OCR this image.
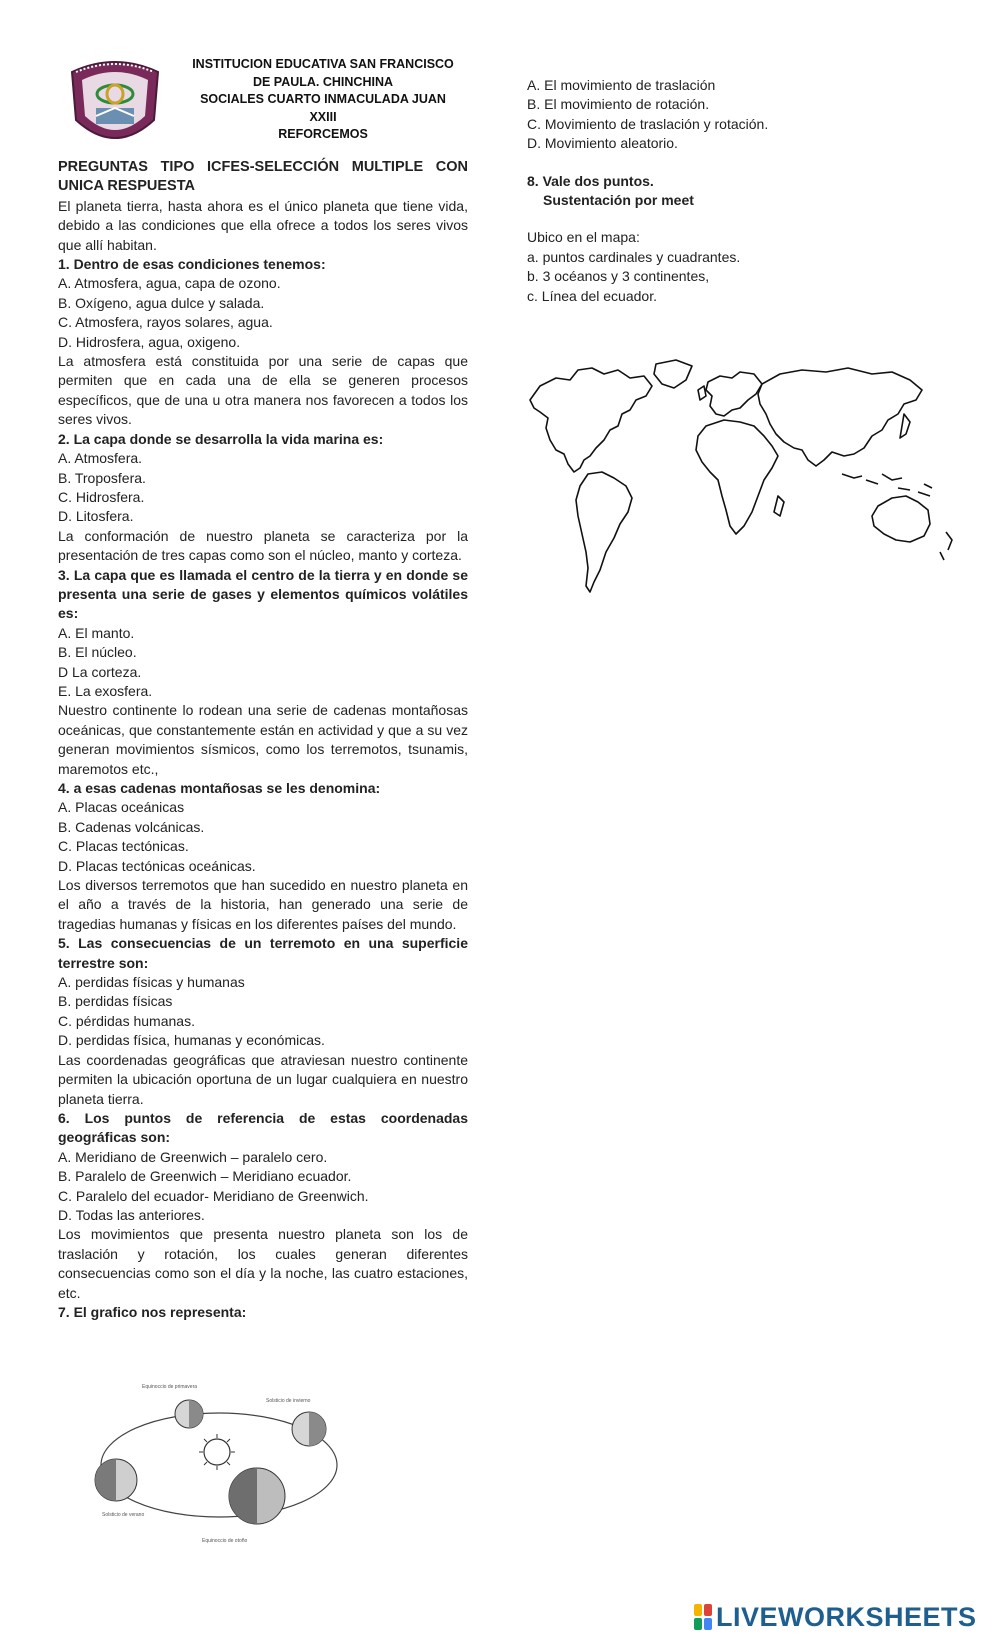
INSTITUCION EDUCATIVA SAN FRANCISCO
DE PAULA. CHINCHINA
SOCIALES CUARTO INMACULADA JUAN
XXIII
REFORCEMOS

PREGUNTAS TIPO ICFES-SELECCIÓN MULTIPLE CON UNICA RESPUESTA

El planeta tierra, hasta ahora es el único planeta que tiene vida, debido a las condiciones que ella ofrece a todos los seres vivos que allí habitan.

1. Dentro de esas condiciones tenemos:

A. Atmosfera, agua, capa de ozono.

B. Oxígeno, agua dulce y salada.

C. Atmosfera, rayos solares, agua.

D. Hidrosfera, agua, oxigeno.

La atmosfera está constituida por una serie de capas que permiten que en cada una de ella se generen procesos específicos, que de una u otra manera nos favorecen a todos los seres vivos.

2. La capa donde se desarrolla la vida marina es:

A. Atmosfera.

B. Troposfera.

C. Hidrosfera.

D. Litosfera.

La conformación de nuestro planeta se caracteriza por la presentación de tres capas como son el núcleo, manto y corteza.

3. La capa que es llamada el centro de la tierra y en donde se presenta una serie de gases y elementos químicos volátiles es:

A. El manto.

B. El núcleo.

D La corteza.

E. La exosfera.

Nuestro continente lo rodean una serie de cadenas montañosas oceánicas, que constantemente están en actividad y que a su vez generan movimientos sísmicos, como los terremotos, tsunamis, maremotos etc.,

4. a esas cadenas montañosas se les denomina:

A. Placas oceánicas

B. Cadenas volcánicas.

C. Placas tectónicas.

D. Placas tectónicas oceánicas.

Los diversos terremotos que han sucedido en nuestro planeta en el año a través de la historia, han generado una serie de tragedias humanas y físicas en los diferentes países del mundo.

5. Las consecuencias de un terremoto en una superficie terrestre son:

A. perdidas físicas y humanas

B. perdidas físicas

C. pérdidas humanas.

D. perdidas física, humanas y económicas.

Las coordenadas geográficas que atraviesan nuestro continente permiten la ubicación oportuna de un lugar cualquiera en nuestro planeta tierra.

6. Los puntos de referencia de estas coordenadas geográficas son:

A. Meridiano de Greenwich – paralelo cero.

B. Paralelo de Greenwich – Meridiano ecuador.

C. Paralelo del ecuador- Meridiano de Greenwich.

D. Todas las anteriores.

Los movimientos que presenta nuestro planeta son los de traslación y rotación, los cuales generan diferentes consecuencias como son el día y la noche, las cuatro estaciones, etc.

7. El grafico nos representa:

Equinoccio de primavera
Solsticio de invierno
Solsticio de verano
Equinoccio de otoño

A. El movimiento de traslación

B. El movimiento de rotación.

C. Movimiento de traslación y rotación.

D. Movimiento aleatorio.

8. Vale dos puntos.

Sustentación por meet

Ubico en el mapa:

a. puntos cardinales y cuadrantes.

b. 3 océanos y 3 continentes,

c. Línea del ecuador.

LIVEWORKSHEETS
